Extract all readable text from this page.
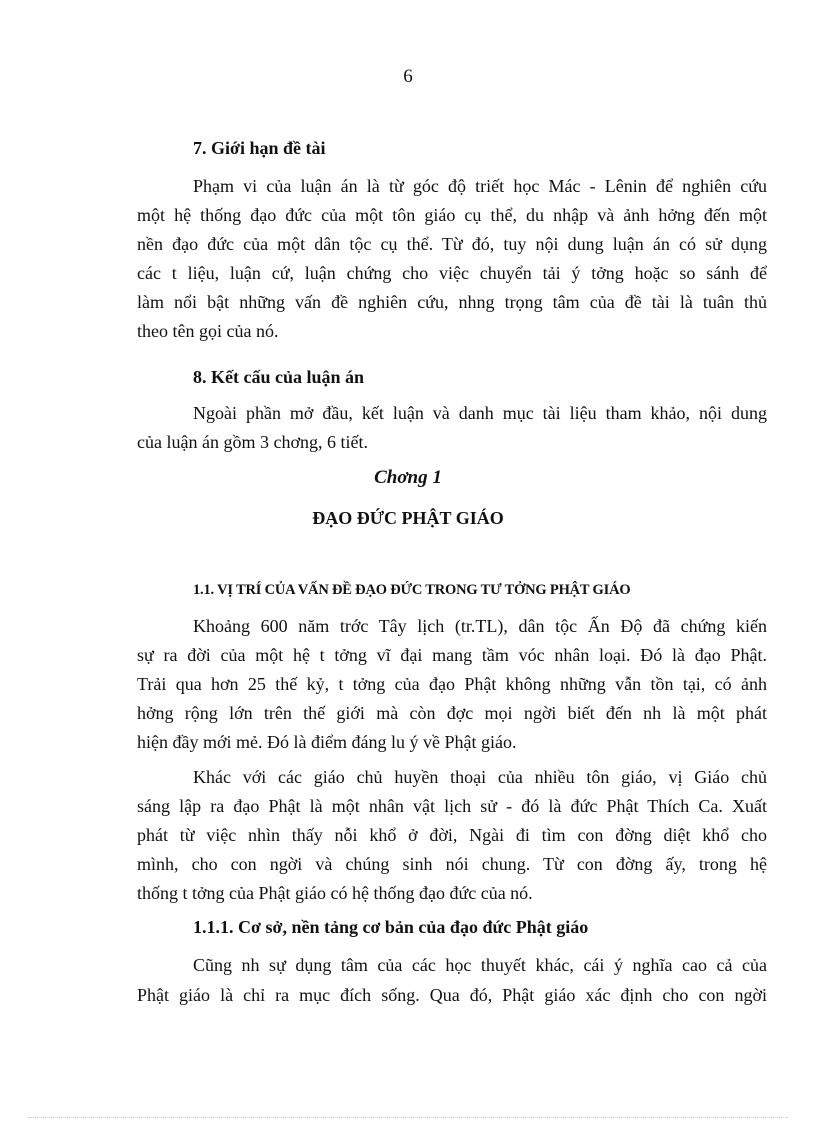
6
7. Giới hạn đề tài
Phạm vi của luận án là từ góc độ triết học Mác - Lênin để nghiên cứu
một hệ thống đạo đức của một tôn giáo cụ thể, du nhập và ảnh hởng đến một
nền đạo đức của một dân tộc cụ thể. Từ đó, tuy nội dung luận án có sử dụng
các t liệu, luận cứ, luận chứng cho việc chuyển tải ý tởng hoặc so sánh để
làm nổi bật những vấn đề nghiên cứu, nhng trọng tâm của đề tài là tuân thủ
theo tên gọi của nó.
8. Kết cấu của luận án
Ngoài phần mở đầu, kết luận và danh mục tài liệu tham khảo, nội dung
của luận án gồm 3 chơng, 6 tiết.
Chơng 1
ĐẠO ĐỨC PHẬT GIÁO
1.1. VỊ TRÍ CỦA VẤN ĐỀ ĐẠO ĐỨC TRONG TƯ TỞNG PHẬT GIÁO
Khoảng 600 năm trớc Tây lịch (tr.TL), dân tộc Ấn Độ đã chứng kiến
sự ra đời của một hệ t tởng vĩ đại mang tầm vóc nhân loại. Đó là đạo Phật.
Trải qua hơn 25 thế kỷ, t tởng của đạo Phật không những vẫn tồn tại, có ảnh
hởng rộng lớn trên thế giới mà còn đợc mọi ngời biết đến nh là một phát
hiện đầy mới mẻ. Đó là điểm đáng lu ý về Phật giáo.
Khác với các giáo chủ huyền thoại của nhiều tôn giáo, vị Giáo chủ
sáng lập ra đạo Phật là một nhân vật lịch sử - đó là đức Phật Thích Ca. Xuất
phát từ việc nhìn thấy nỗi khổ ở đời, Ngài đi tìm con đờng diệt khổ cho
mình, cho con ngời và chúng sinh nói chung. Từ con đờng ấy, trong hệ
thống t tởng của Phật giáo có hệ thống đạo đức của nó.
1.1.1. Cơ sở, nền tảng cơ bản của đạo đức Phật giáo
Cũng nh sự dụng tâm của các học thuyết khác, cái ý nghĩa cao cả của
Phật giáo là chỉ ra mục đích sống. Qua đó, Phật giáo xác định cho con ngời
